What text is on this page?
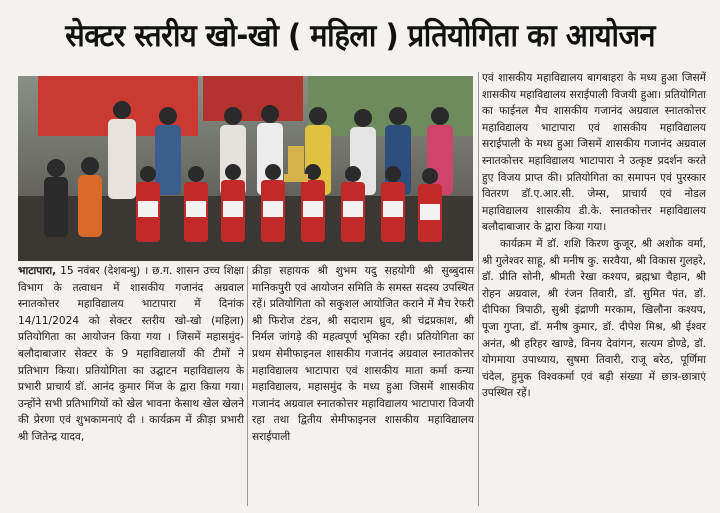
सेक्टर स्तरीय खो-खो ( महिला ) प्रतियोगिता का आयोजन

भाटापारा, 15 नवंबर (देशबन्धु) । छ.ग. शासन उच्च शिक्षा विभाग के तत्वाधन में शासकीय गजानंद अग्रवाल स्नातकोत्तर महाविद्यालय भाटापारा में दिनांक 14/11/2024 को सेक्टर स्तरीय खो-खो (महिला) प्रतियोगिता का आयोजन किया गया । जिसमें महासमुंद-बलौदाबाजार सेक्टर के 9 महाविद्यालयों की टीमों ने प्रतिभाग किया। प्रतियोगिता का उद्घाटन महाविद्यालय के प्रभारी प्राचार्य डॉ. आनंद कुमार मिंज के द्वारा किया गया। उन्होंने सभी प्रतिभागियों को खेल भावना केसाथ खेल खेलने की प्रेरणा एवं शुभकामनाएं दी । कार्यक्रम में क्रीड़ा प्रभारी श्री जितेन्द्र यादव,

क्रीड़ा सहायक श्री शुभम यदु सहयोगी श्री सुब्बुदास मानिकपुरी एवं आयोजन समिति के समस्त सदस्य उपस्थित रहें। प्रतियोगिता को सकुशल आयोजित कराने में मैच रेफरी श्री फिरोज टंडन, श्री सदाराम ध्रुव, श्री चंद्रप्रकाश, श्री निर्मल जांगड़े की महत्वपूर्ण भूमिका रही। प्रतियोगिता का प्रथम सेमीफाइनल शासकीय गजानंद अग्रवाल स्नातकोत्तर महाविद्यालय भाटापारा एवं शासकीय माता कर्मा कन्या महाविद्यालय, महासमुंद के मध्य हुआ जिसमें शासकीय गजानंद अग्रवाल स्नातकोत्तर महाविद्यालय भाटापारा विजयी रहा तथा द्वितीय सेमीफाइनल शासकीय महाविद्यालय सराईपाली

एवं शासकीय महाविद्यालय बागबाहरा के मध्य हुआ जिसमें शासकीय महाविद्यालय सराईपाली विजयी हुआ। प्रतियोगिता का फाईनल मैच शासकीय गजानंद अग्रवाल स्नातकोत्तर महाविद्यालय भाटापारा एवं शासकीय महाविद्यालय सराईपाली के मध्य हुआ जिसमें शासकीय गजानंद अग्रवाल स्नातकोत्तर महाविद्यालय भाटापारा ने उत्कृष्ट प्रदर्शन करते हुए विजय प्राप्त की। प्रतियोगिता का समापन एवं पुरस्कार वितरण डॉ.ए.आर.सी. जेम्स, प्राचार्य एवं नोडल महाविद्यालय शासकीय डी.के. स्नातकोत्तर महाविद्यालय बलौदाबाजार के द्वारा किया गया।

कार्यक्रम में डॉ. शशि किरण कुजूर, श्री अशोक वर्मा, श्री गुलेश्वर साहू, श्री मनीष कु. सरवैया, श्री विकास गुलहरे, डॉ. प्रीति सोनी, श्रीमती रेखा कश्यप, ब्रह्मभ्रा चैहान, श्री रोहन अग्रवाल, श्री रंजन तिवारी, डॉ. सुमित पंत, डॉ. दीपिका त्रिपाठी, सुश्री इंद्राणी मरकाम, खिलौना कश्यप, पूजा गुप्ता, डॉ. मनीष कुमार, डॉ. दीपेश मिश्र, श्री ईश्वर अनंत, श्री हरिहर खाण्डे, विनय देवांगन, सत्यम डोण्डे, डॉ. योगमाया उपाध्याय, सुषमा तिवारी, राजू बरेठ, पूर्णिमा चंदेल, हुमुक विश्वकर्मा एवं बड़ी संख्या में छात्र-छात्राएं उपस्थित रहें।
